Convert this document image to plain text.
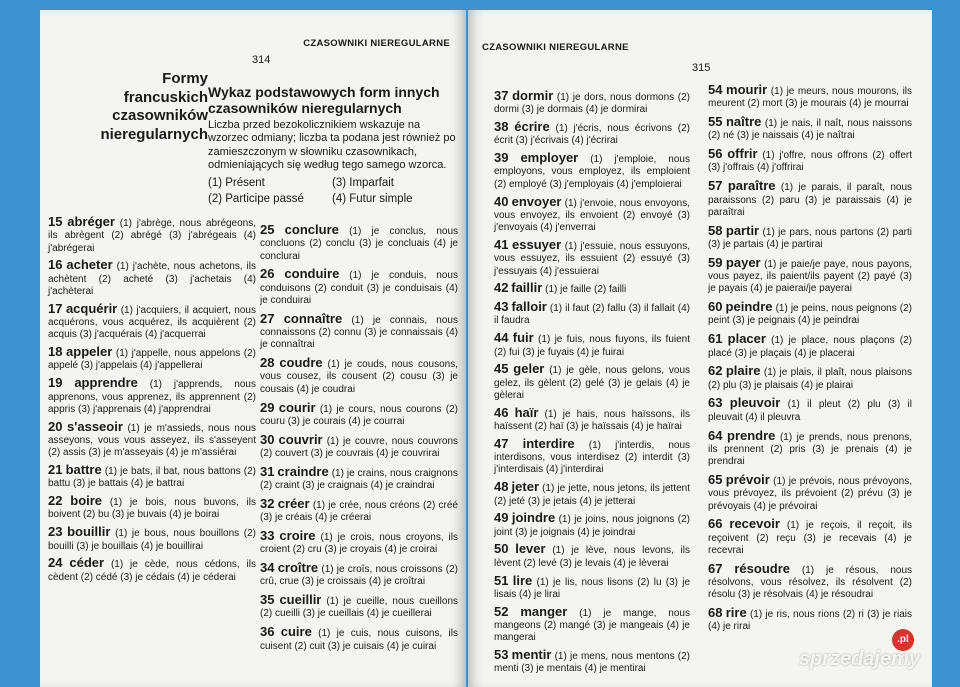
CZASOWNIKI NIEREGULARNE
314
Formy
francuskich
czasowników
nieregularnych
Wykaz podstawowych form innych czasowników nieregularnych
Liczba przed bezokolicznikiem wskazuje na wzorzec odmiany; liczba ta podana jest również po zamieszczonym w słowniku czasownikach, odmieniających się według tego samego wzorca.
(1) Présent	(3) Imparfait
(2) Participe passé	(4) Futur simple
15 abréger (1) j'abrège, nous abrégeons, ils abrègent (2) abrégé (3) j'abrégeais (4) j'abrégerai
16 acheter (1) j'achète, nous achetons, ils achètent (2) acheté (3) j'achetais (4) j'achèterai
17 acquérir (1) j'acquiers, il acquiert, nous acquérons, vous acquérez, ils acquièrent (2) acquis (3) j'acquérais (4) j'acquerrai
18 appeler (1) j'appelle, nous appelons (2) appelé (3) j'appelais (4) j'appellerai
19 apprendre (1) j'apprends, nous apprenons, vous apprenez, ils apprennent (2) appris (3) j'apprenais (4) j'apprendrai
20 s'asseoir (1) je m'assieds, nous nous asseyons, vous vous asseyez, ils s'asseyent (2) assis (3) je m'asseyais (4) je m'assiérai
21 battre (1) je bats, il bat, nous battons (2) battu (3) je battais (4) je battrai
22 boire (1) je bois, nous buvons, ils boivent (2) bu (3) je buvais (4) je boirai
23 bouillir (1) je bous, nous bouillons (2) bouilli (3) je bouillais (4) je bouillirai
24 céder (1) je cède, nous cédons, ils cèdent (2) cédé (3) je cédais (4) je céderai
25 conclure (1) je conclus, nous concluons (2) conclu (3) je concluais (4) je conclurai
26 conduire (1) je conduis, nous conduisons (2) conduit (3) je conduisais (4) je conduirai
27 connaître (1) je connais, nous connaissons (2) connu (3) je connaissais (4) je connaîtrai
28 coudre (1) je couds, nous cousons, vous cousez, ils cousent (2) cousu (3) je cousais (4) je coudrai
29 courir (1) je cours, nous courons (2) couru (3) je courais (4) je courrai
30 couvrir (1) je couvre, nous couvrons (2) couvert (3) je couvrais (4) je couvrirai
31 craindre (1) je crains, nous craignons (2) craint (3) je craignais (4) je craindrai
32 créer (1) je crée, nous créons (2) créé (3) je créais (4) je créerai
33 croire (1) je crois, nous croyons, ils croient (2) cru (3) je croyais (4) je croirai
34 croître (1) je croîs, nous croissons (2) crû, crue (3) je croissais (4) je croîtrai
35 cueillir (1) je cueille, nous cueillons (2) cueilli (3) je cueillais (4) je cueillerai
36 cuire (1) je cuis, nous cuisons, ils cuisent (2) cuit (3) je cuisais (4) je cuirai
CZASOWNIKI NIEREGULARNE
315
37 dormir (1) je dors, nous dormons (2) dormi (3) je dormais (4) je dormirai
38 écrire (1) j'écris, nous écrivons (2) écrit (3) j'écrivais (4) j'écrirai
39 employer (1) j'emploie, nous employons, vous employez, ils emploient (2) employé (3) j'employais (4) j'emploierai
40 envoyer (1) j'envoie, nous envoyons, vous envoyez, ils envoient (2) envoyé (3) j'envoyais (4) j'enverrai
41 essuyer (1) j'essuie, nous essuyons, vous essuyez, ils essuient (2) essuyé (3) j'essuyais (4) j'essuierai
42 faillir (1) je faille (2) failli
43 falloir (1) il faut (2) fallu (3) il fallait (4) il faudra
44 fuir (1) je fuis, nous fuyons, ils fuient (2) fui (3) je fuyais (4) je fuirai
45 geler (1) je gèle, nous gelons, vous gelez, ils gèlent (2) gelé (3) je gelais (4) je gèlerai
46 haïr (1) je hais, nous haïssons, ils haïssent (2) haï (3) je haïssais (4) je haïrai
47 interdire (1) j'interdis, nous interdisons, vous interdisez (2) interdit (3) j'interdisais (4) j'interdirai
48 jeter (1) je jette, nous jetons, ils jettent (2) jeté (3) je jetais (4) je jetterai
49 joindre (1) je joins, nous joignons (2) joint (3) je joignais (4) je joindrai
50 lever (1) je lève, nous levons, ils lèvent (2) levé (3) je levais (4) je lèverai
51 lire (1) je lis, nous lisons (2) lu (3) je lisais (4) je lirai
52 manger (1) je mange, nous mangeons (2) mangé (3) je mangeais (4) je mangerai
53 mentir (1) je mens, nous mentons (2) menti (3) je mentais (4) je mentirai
54 mourir (1) je meurs, nous mourons, ils meurent (2) mort (3) je mourais (4) je mourrai
55 naître (1) je nais, il naît, nous naissons (2) né (3) je naissais (4) je naîtrai
56 offrir (1) j'offre, nous offrons (2) offert (3) j'offrais (4) j'offrirai
57 paraître (1) je parais, il paraît, nous paraissons (2) paru (3) je paraissais (4) je paraîtrai
58 partir (1) je pars, nous partons (2) parti (3) je partais (4) je partirai
59 payer (1) je paie/je paye, nous payons, vous payez, ils paient/ils payent (2) payé (3) je payais (4) je paierai/je payerai
60 peindre (1) je peins, nous peignons (2) peint (3) je peignais (4) je peindrai
61 placer (1) je place, nous plaçons (2) placé (3) je plaçais (4) je placerai
62 plaire (1) je plais, il plaît, nous plaisons (2) plu (3) je plaisais (4) je plairai
63 pleuvoir (1) il pleut (2) plu (3) il pleuvait (4) il pleuvra
64 prendre (1) je prends, nous prenons, ils prennent (2) pris (3) je prenais (4) je prendrai
65 prévoir (1) je prévois, nous prévoyons, vous prévoyez, ils prévoient (2) prévu (3) je prévoyais (4) je prévoirai
66 recevoir (1) je reçois, il reçoit, ils reçoivent (2) reçu (3) je recevais (4) je recevrai
67 résoudre (1) je résous, nous résolvons, vous résolvez, ils résolvent (2) résolu (3) je résolvais (4) je résoudrai
68 rire (1) je ris, nous rions (2) ri (3) je riais (4) je rirai
.pl
sprzedajemy
